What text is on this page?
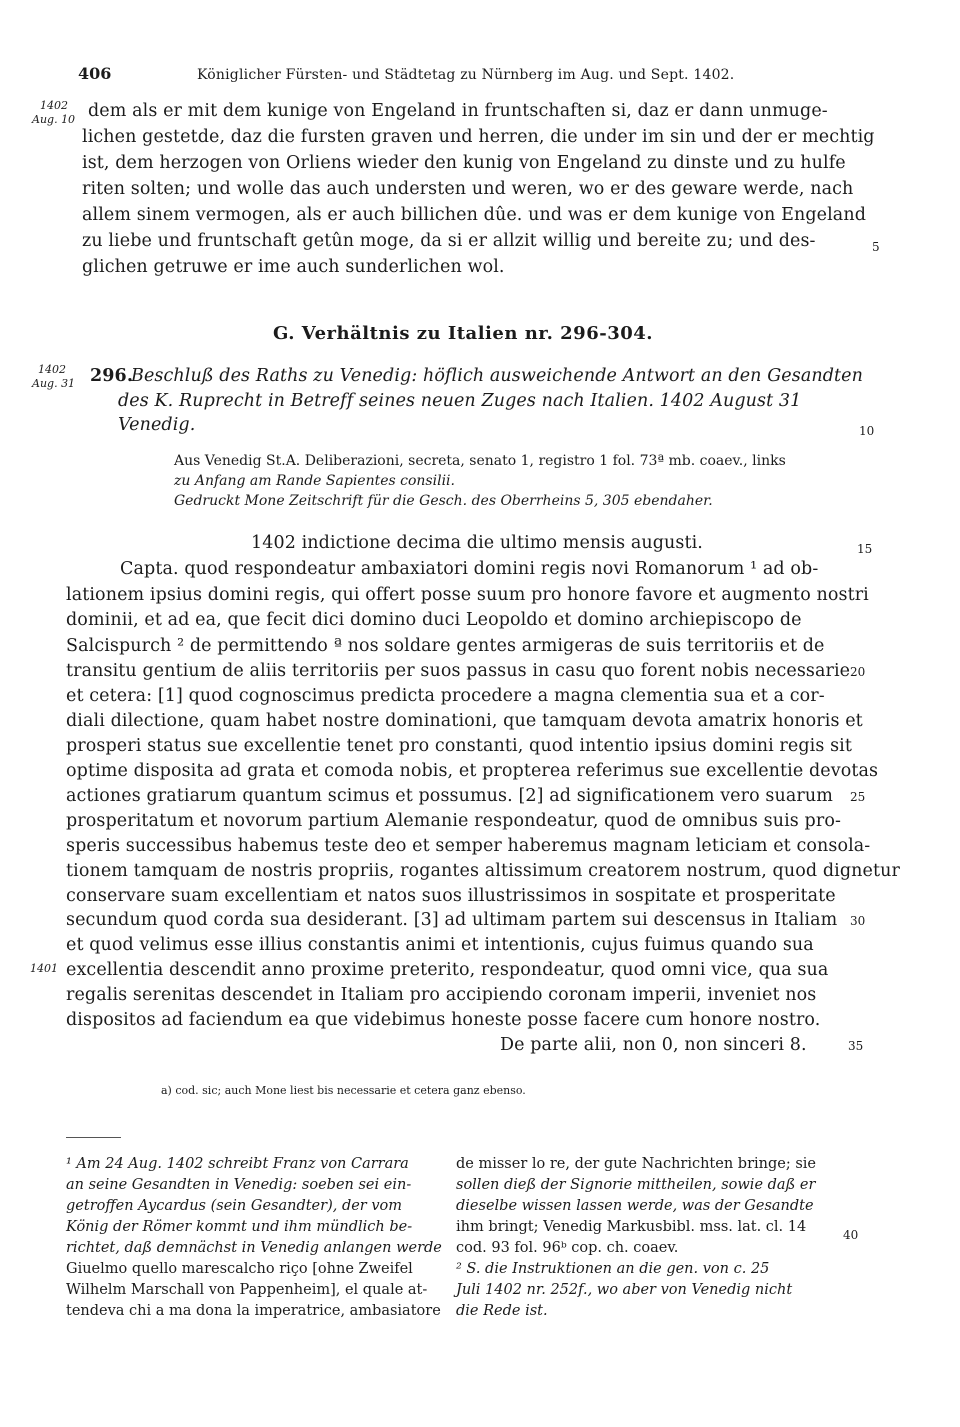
406	Königlicher Fürsten- und Städtetag zu Nürnberg im Aug. und Sept. 1402.
1402
Aug. 10 dem als er mit dem kunige von Engeland in fruntschaften si, daz er dann unmuge-
lichen gestetde, daz die fursten graven und herren, die under im sin und der er mechtig
ist, dem herzogen von Orliens wieder den kunig von Engeland zu dinste und zu hulfe
riten solten; und wolle das auch understen und weren, wo er des geware werde, nach
allem sinem vermogen, als er auch billichen dûe. und was er dem kunige von Engeland
zu liebe und fruntschaft getûn moge, da si er allzit willig und bereite zu; und des-
glichen getruwe er ime auch sunderlichen wol.
G. Verhältnis zu Italien nr. 296-304.
1402
Aug. 31 296.
Beschluß des Raths zu Venedig: höflich ausweichende Antwort an den Gesandten
des K. Ruprecht in Betreff seines neuen Zuges nach Italien. 1402 August 31
Venedig.
Aus Venedig St.A. Deliberazioni, secreta, senato 1, registro 1 fol. 73ª mb. coaev., links
zu Anfang am Rande Sapientes consilii.
Gedruckt Mone Zeitschrift für die Gesch. des Oberrheins 5, 305 ebendaher.
1402 indictione decima die ultimo mensis augusti.
Capta. quod respondeatur ambaxiatori domini regis novi Romanorum ¹ ad ob-
lationem ipsius domini regis, qui offert posse suum pro honore favore et augmento nostri
dominii, et ad ea, que fecit dici domino duci Leopoldo et domino archiepiscopo de
Salcispurch ² de permittendo ª nos soldare gentes armigeras de suis territoriis et de
transitu gentium de aliis territoriis per suos passus in casu quo forent nobis necessarie
et cetera: [1] quod cognoscimus predicta procedere a magna clementia sua et a cor-
diali dilectione, quam habet nostre dominationi, que tamquam devota amatrix honoris et
prosperi status sue excellentie tenet pro constanti, quod intentio ipsius domini regis sit
optime disposita ad grata et comoda nobis, et propterea referimus sue excellentie devotas
actiones gratiarum quantum scimus et possumus. [2] ad significationem vero suarum
prosperitatum et novorum partium Alemanie respondeatur, quod de omnibus suis pro-
speris successibus habemus teste deo et semper haberemus magnam leticiam et consola-
tionem tamquam de nostris propriis, rogantes altissimum creatorem nostrum, quod dignetur
conservare suam excellentiam et natos suos illustrissimos in sospitate et prosperitate
secundum quod corda sua desiderant. [3] ad ultimam partem sui descensus in Italiam
et quod velimus esse illius constantis animi et intentionis, cujus fuimus quando sua
1401 excellentia descendit anno proxime preterito, respondeatur, quod omni vice, qua sua
regalis serenitas descendet in Italiam pro accipiendo coronam imperii, inveniet nos
dispositos ad faciendum ea que videbimus honeste posse facere cum honore nostro.
De parte alii, non 0, non sinceri 8.
5
10
15
20
25
30
35
40
a) cod. sic; auch Mone liest bis necessarie et cetera ganz ebenso.
¹ Am 24 Aug. 1402 schreibt Franz von Carrara
an seine Gesandten in Venedig: soeben sei ein-
getroffen Aycardus (sein Gesandter), der vom
König der Römer kommt und ihm mündlich be-
richtet, daß demnächst in Venedig anlangen werde
Giuelmo quello marescalcho riço [ohne Zweifel
Wilhelm Marschall von Pappenheim], el quale at-
tendeva chi a ma dona la imperatrice, ambasiatore
de misser lo re, der gute Nachrichten bringe; sie
sollen dieß der Signorie mittheilen, sowie daß er
dieselbe wissen lassen werde, was der Gesandte
ihm bringt; Venedig Markusbibl. mss. lat. cl. 14
cod. 93 fol. 96ᵇ cop. ch. coaev.
² S. die Instruktionen an die gen. von c. 25
Juli 1402 nr. 252f., wo aber von Venedig nicht
die Rede ist.
